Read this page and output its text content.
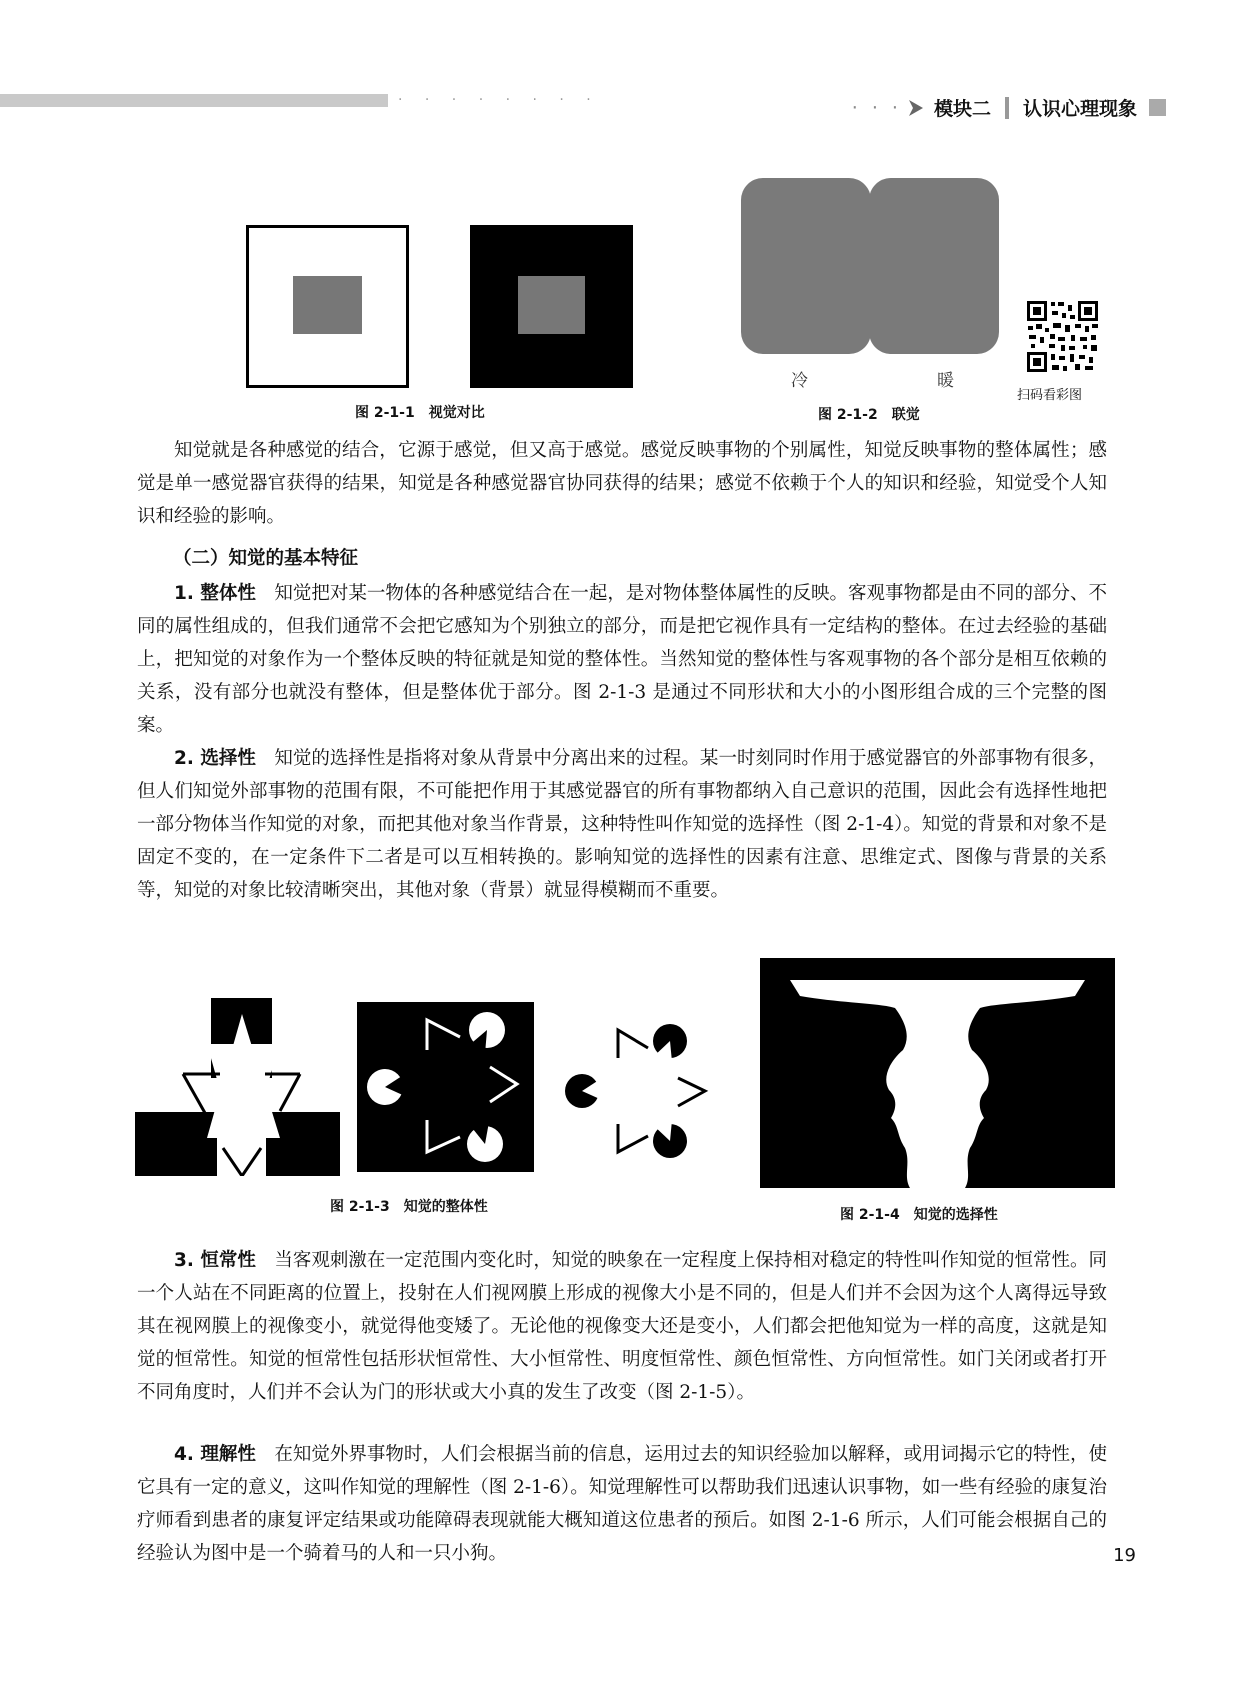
· · · · · · · ·	· · · 模块二 认识心理现象
图 2-1-1　视觉对比
冷	暖
图 2-1-2　联觉
扫码看彩图
知觉就是各种感觉的结合，它源于感觉，但又高于感觉。感觉反映事物的个别属性，知觉反映事物的整体属性；感觉是单一感觉器官获得的结果，知觉是各种感觉器官协同获得的结果；感觉不依赖于个人的知识和经验，知觉受个人知识和经验的影响。
（二）知觉的基本特征
1. 整体性　 知觉把对某一物体的各种感觉结合在一起，是对物体整体属性的反映。客观事物都是由不同的部分、不同的属性组成的，但我们通常不会把它感知为个别独立的部分，而是把它视作具有一定结构的整体。在过去经验的基础上，把知觉的对象作为一个整体反映的特征就是知觉的整体性。当然知觉的整体性与客观事物的各个部分是相互依赖的关系，没有部分也就没有整体，但是整体优于部分。图 2-1-3 是通过不同形状和大小的小图形组合成的三个完整的图案。
2. 选择性　 知觉的选择性是指将对象从背景中分离出来的过程。某一时刻同时作用于感觉器官的外部事物有很多，但人们知觉外部事物的范围有限，不可能把作用于其感觉器官的所有事物都纳入自己意识的范围，因此会有选择性地把一部分物体当作知觉的对象，而把其他对象当作背景，这种特性叫作知觉的选择性（图 2-1-4）。知觉的背景和对象不是固定不变的，在一定条件下二者是可以互相转换的。影响知觉的选择性的因素有注意、思维定式、图像与背景的关系等，知觉的对象比较清晰突出，其他对象（背景）就显得模糊而不重要。
图 2-1-3　知觉的整体性	图 2-1-4　知觉的选择性
3. 恒常性　 当客观刺激在一定范围内变化时，知觉的映象在一定程度上保持相对稳定的特性叫作知觉的恒常性。同一个人站在不同距离的位置上，投射在人们视网膜上形成的视像大小是不同的，但是人们并不会因为这个人离得远导致其在视网膜上的视像变小，就觉得他变矮了。无论他的视像变大还是变小，人们都会把他知觉为一样的高度，这就是知觉的恒常性。知觉的恒常性包括形状恒常性、大小恒常性、明度恒常性、颜色恒常性、方向恒常性。如门关闭或者打开不同角度时，人们并不会认为门的形状或大小真的发生了改变（图 2-1-5）。
4. 理解性　 在知觉外界事物时，人们会根据当前的信息，运用过去的知识经验加以解释，或用词揭示它的特性，使它具有一定的意义，这叫作知觉的理解性（图 2-1-6）。知觉理解性可以帮助我们迅速认识事物，如一些有经验的康复治疗师看到患者的康复评定结果或功能障碍表现就能大概知道这位患者的预后。如图 2-1-6 所示，人们可能会根据自己的经验认为图中是一个骑着马的人和一只小狗。	19
